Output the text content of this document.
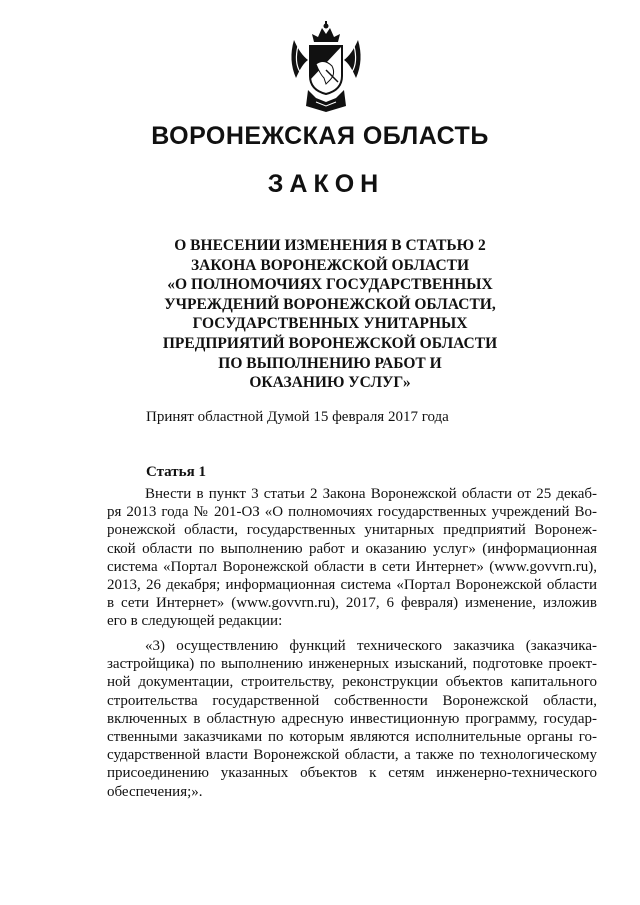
ВОРОНЕЖСКАЯ ОБЛАСТЬ
ЗАКОН
О ВНЕСЕНИИ ИЗМЕНЕНИЯ В СТАТЬЮ 2
ЗАКОНА ВОРОНЕЖСКОЙ ОБЛАСТИ
«О ПОЛНОМОЧИЯХ ГОСУДАРСТВЕННЫХ
УЧРЕЖДЕНИЙ ВОРОНЕЖСКОЙ ОБЛАСТИ,
ГОСУДАРСТВЕННЫХ УНИТАРНЫХ
ПРЕДПРИЯТИЙ ВОРОНЕЖСКОЙ ОБЛАСТИ
ПО ВЫПОЛНЕНИЮ РАБОТ И
ОКАЗАНИЮ УСЛУГ»

Принят областной Думой 15 февраля 2017 года

Статья 1

Внести в пункт 3 статьи 2 Закона Воронежской области от 25 декаб-
ря 2013 года № 201-ОЗ «О полномочиях государственных учреждений Во-
ронежской области, государственных унитарных предприятий Воронеж-
ской области по выполнению работ и оказанию услуг» (информационная
система «Портал Воронежской области в сети Интернет» (www.govvrn.ru),
2013, 26 декабря; информационная система «Портал Воронежской области
в сети Интернет» (www.govvrn.ru), 2017, 6 февраля) изменение, изложив
его в следующей редакции:
«3) осуществлению функций технического заказчика (заказчика-
застройщика) по выполнению инженерных изысканий, подготовке проект-
ной документации, строительству, реконструкции объектов капитального
строительства государственной собственности Воронежской области,
включенных в областную адресную инвестиционную программу, государ-
ственными заказчиками по которым являются исполнительные органы го-
сударственной власти Воронежской области, а также по технологическому
присоединению указанных объектов к сетям инженерно-технического
обеспечения;».
